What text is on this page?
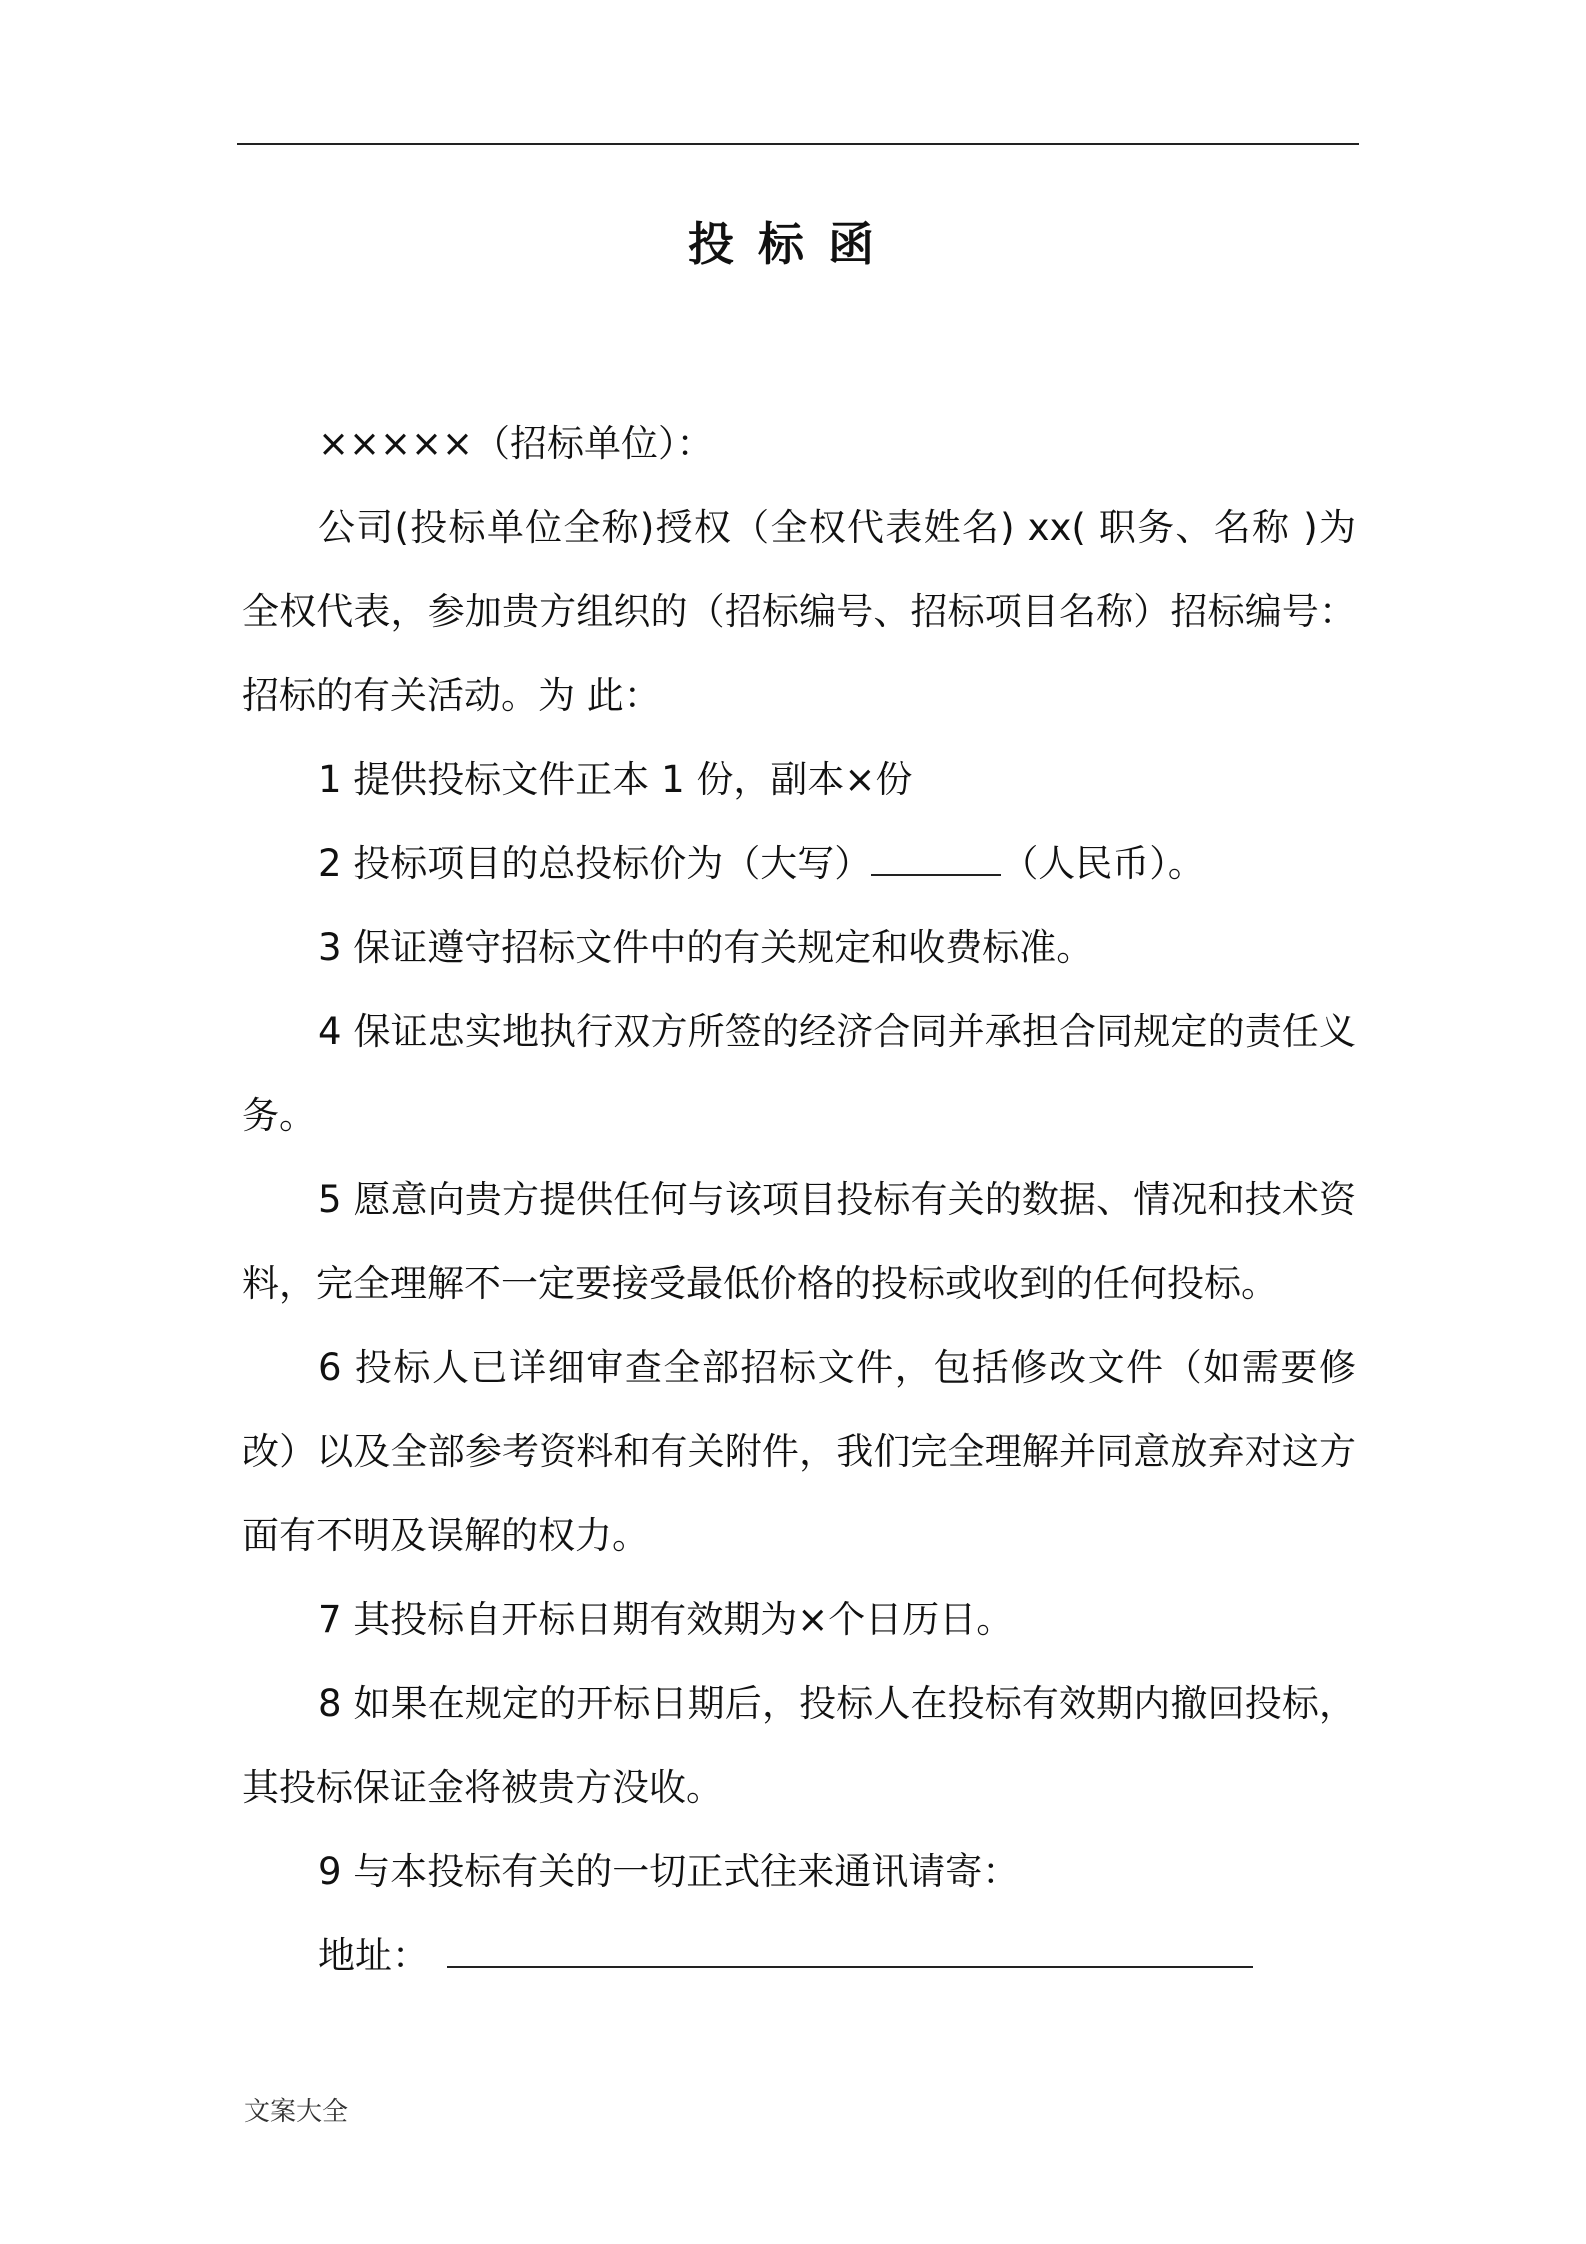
投标函

×××××（招标单位）：

公司(投标单位全称)授权（全权代表姓名) xx( 职务、名称 )为全权代表，参加贵方组织的（招标编号、招标项目名称）招标编号：招标的有关活动。为 此：

1 提供投标文件正本 1 份，副本×份

2 投标项目的总投标价为（大写）	（人民币）。

3 保证遵守招标文件中的有关规定和收费标准。

4 保证忠实地执行双方所签的经济合同并承担合同规定的责任义务。

5 愿意向贵方提供任何与该项目投标有关的数据、情况和技术资料，完全理解不一定要接受最低价格的投标或收到的任何投标。

6 投标人已详细审查全部招标文件，包括修改文件（如需要修改）以及全部参考资料和有关附件，我们完全理解并同意放弃对这方面有不明及误解的权力。

7 其投标自开标日期有效期为×个日历日。

8 如果在规定的开标日期后，投标人在投标有效期内撤回投标，其投标保证金将被贵方没收。

9 与本投标有关的一切正式往来通讯请寄：

地址：

文案大全
